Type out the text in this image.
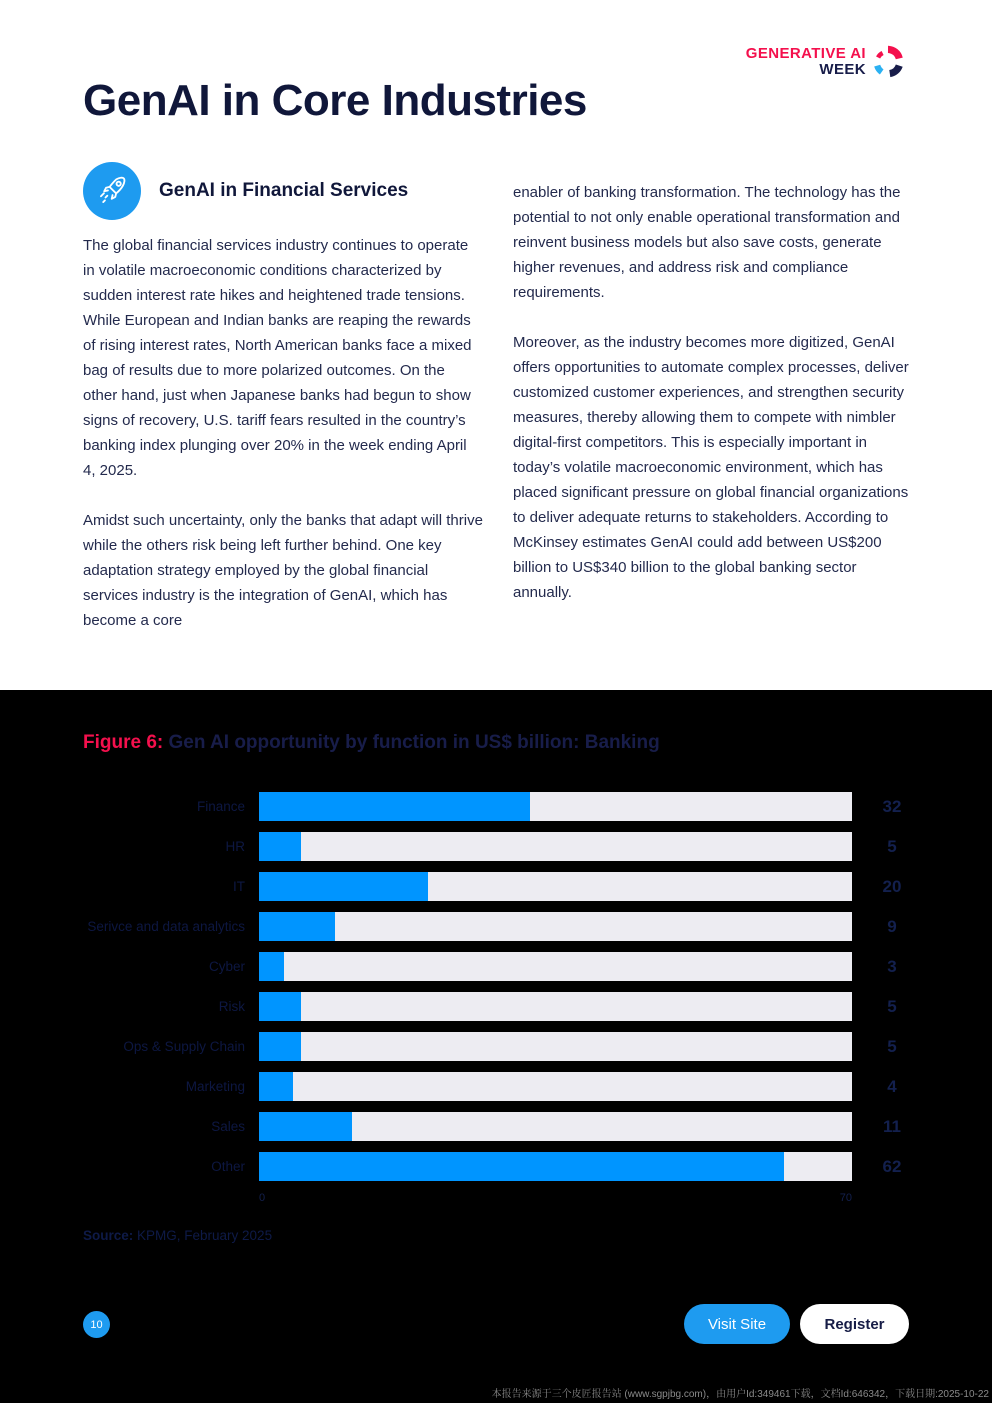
GENERATIVE AI
WEEK
GenAI in Core Industries
GenAI in Financial Services

The global financial services industry continues to operate in volatile macroeconomic conditions characterized by sudden interest rate hikes and heightened trade tensions. While European and Indian banks are reaping the rewards of rising interest rates, North American banks face a mixed bag of results due to more polarized outcomes. On the other hand, just when Japanese banks had begun to show signs of recovery, U.S. tariff fears resulted in the country’s banking index plunging over 20% in the week ending April 4, 2025.

Amidst such uncertainty, only the banks that adapt will thrive while the others risk being left further behind. One key adaptation strategy employed by the global financial services industry is the integration of GenAI, which has become a core

enabler of banking transformation. The technology has the potential to not only enable operational transformation and reinvent business models but also save costs, generate higher revenues, and address risk and compliance requirements.

Moreover, as the industry becomes more digitized, GenAI offers opportunities to automate complex processes, deliver customized customer experiences, and strengthen security measures, thereby allowing them to compete with nimbler digital-first competitors. This is especially important in today’s volatile macroeconomic environment, which has placed significant pressure on global financial organizations to deliver adequate returns to stakeholders. According to McKinsey estimates GenAI could add between US$200 billion to US$340 billion to the global banking sector annually.

Figure 6: Gen AI opportunity by function in US$ billion: Banking
Finance	32
HR	5
IT	20
Serivce and data analytics	9
Cyber	3
Risk	5
Ops & Supply Chain	5
Marketing	4
Sales	11
Other	62
0	70
Source: KPMG, February 2025
10	Visit Site	Register
本报告来源于三个皮匠报告站 (www.sgpjbg.com)，由用户Id:349461下载，文档Id:646342，下载日期:2025-10-22
